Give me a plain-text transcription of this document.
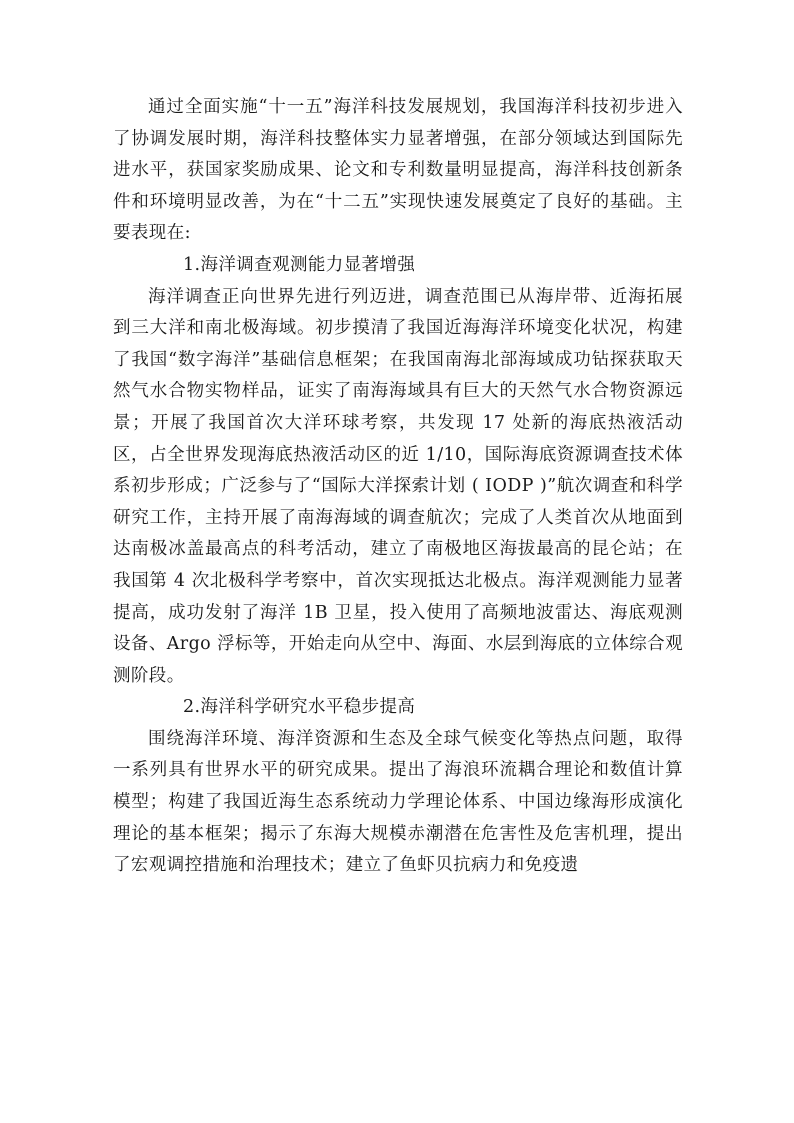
通过全面实施“十一五”海洋科技发展规划，我国海洋科技初步进入了协调发展时期，海洋科技整体实力显著增强，在部分领域达到国际先进水平，获国家奖励成果、论文和专利数量明显提高，海洋科技创新条件和环境明显改善，为在“十二五”实现快速发展奠定了良好的基础。主要表现在:

1.海洋调查观测能力显著增强

海洋调查正向世界先进行列迈进，调查范围已从海岸带、近海拓展到三大洋和南北极海域。初步摸清了我国近海海洋环境变化状况，构建了我国“数字海洋”基础信息框架；在我国南海北部海域成功钻探获取天然气水合物实物样品，证实了南海海域具有巨大的天然气水合物资源远景；开展了我国首次大洋环球考察，共发现 17 处新的海底热液活动区，占全世界发现海底热液活动区的近 1/10，国际海底资源调查技术体系初步形成；广泛参与了“国际大洋探索计划 ( IODP )”航次调查和科学研究工作，主持开展了南海海域的调查航次；完成了人类首次从地面到达南极冰盖最高点的科考活动，建立了南极地区海拔最高的昆仑站；在我国第 4 次北极科学考察中，首次实现抵达北极点。海洋观测能力显著提高，成功发射了海洋 1B 卫星，投入使用了高频地波雷达、海底观测设备、Argo 浮标等，开始走向从空中、海面、水层到海底的立体综合观测阶段。

2.海洋科学研究水平稳步提高

围绕海洋环境、海洋资源和生态及全球气候变化等热点问题，取得一系列具有世界水平的研究成果。提出了海浪环流耦合理论和数值计算模型；构建了我国近海生态系统动力学理论体系、中国边缘海形成演化理论的基本框架；揭示了东海大规模赤潮潜在危害性及危害机理，提出了宏观调控措施和治理技术；建立了鱼虾贝抗病力和免疫遗
